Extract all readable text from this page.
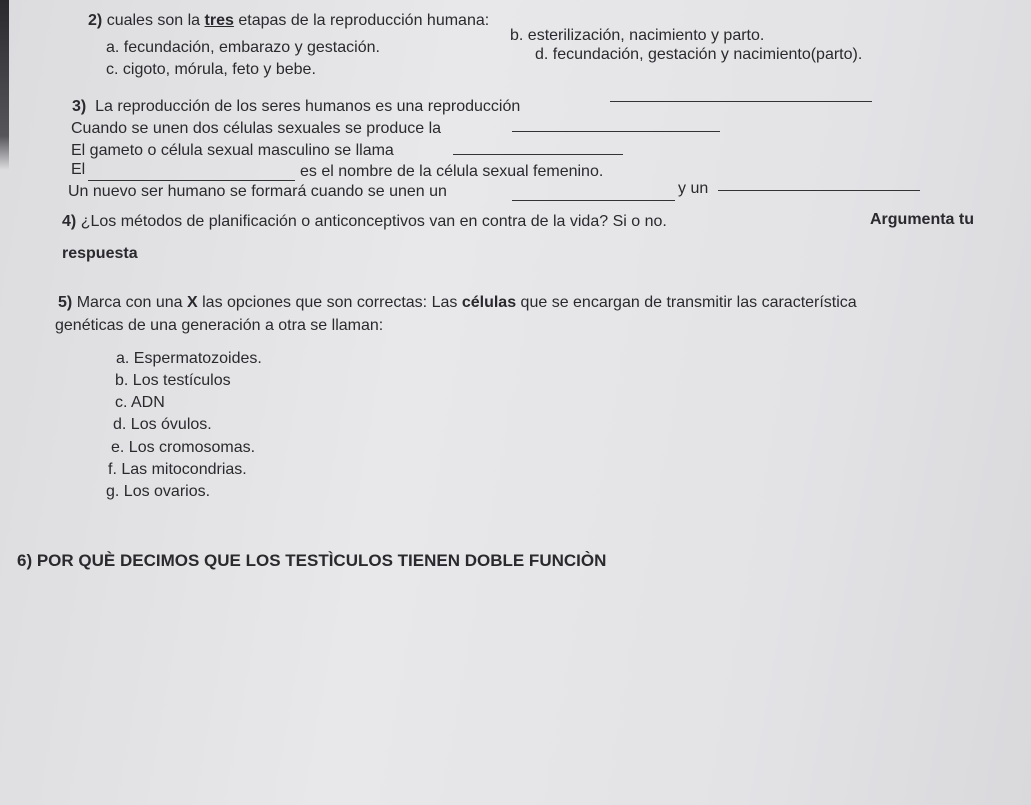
2) cuales son la tres etapas de la reproducción humana:
b. esterilización, nacimiento y parto.
a. fecundación, embarazo y gestación.	d. fecundación, gestación y nacimiento(parto).
c. cigoto, mórula, feto y bebe.
3) La reproducción de los seres humanos es una reproducción
Cuando se unen dos células sexuales se produce la
El gameto o célula sexual masculino se llama
El	es el nombre de la célula sexual femenino.
Un nuevo ser humano se formará cuando se unen un	y un
4) ¿Los métodos de planificación o anticonceptivos van en contra de la vida? Si o no.	Argumenta tu
respuesta
5) Marca con una X las opciones que son correctas: Las células que se encargan de transmitir las característica
genéticas de una generación a otra se llaman:
a. Espermatozoides.
b. Los testículos
c. ADN
d. Los óvulos.
e. Los cromosomas.
f. Las mitocondrias.
g. Los ovarios.
6) POR QUÈ DECIMOS QUE LOS TESTÌCULOS TIENEN DOBLE FUNCIÒN
